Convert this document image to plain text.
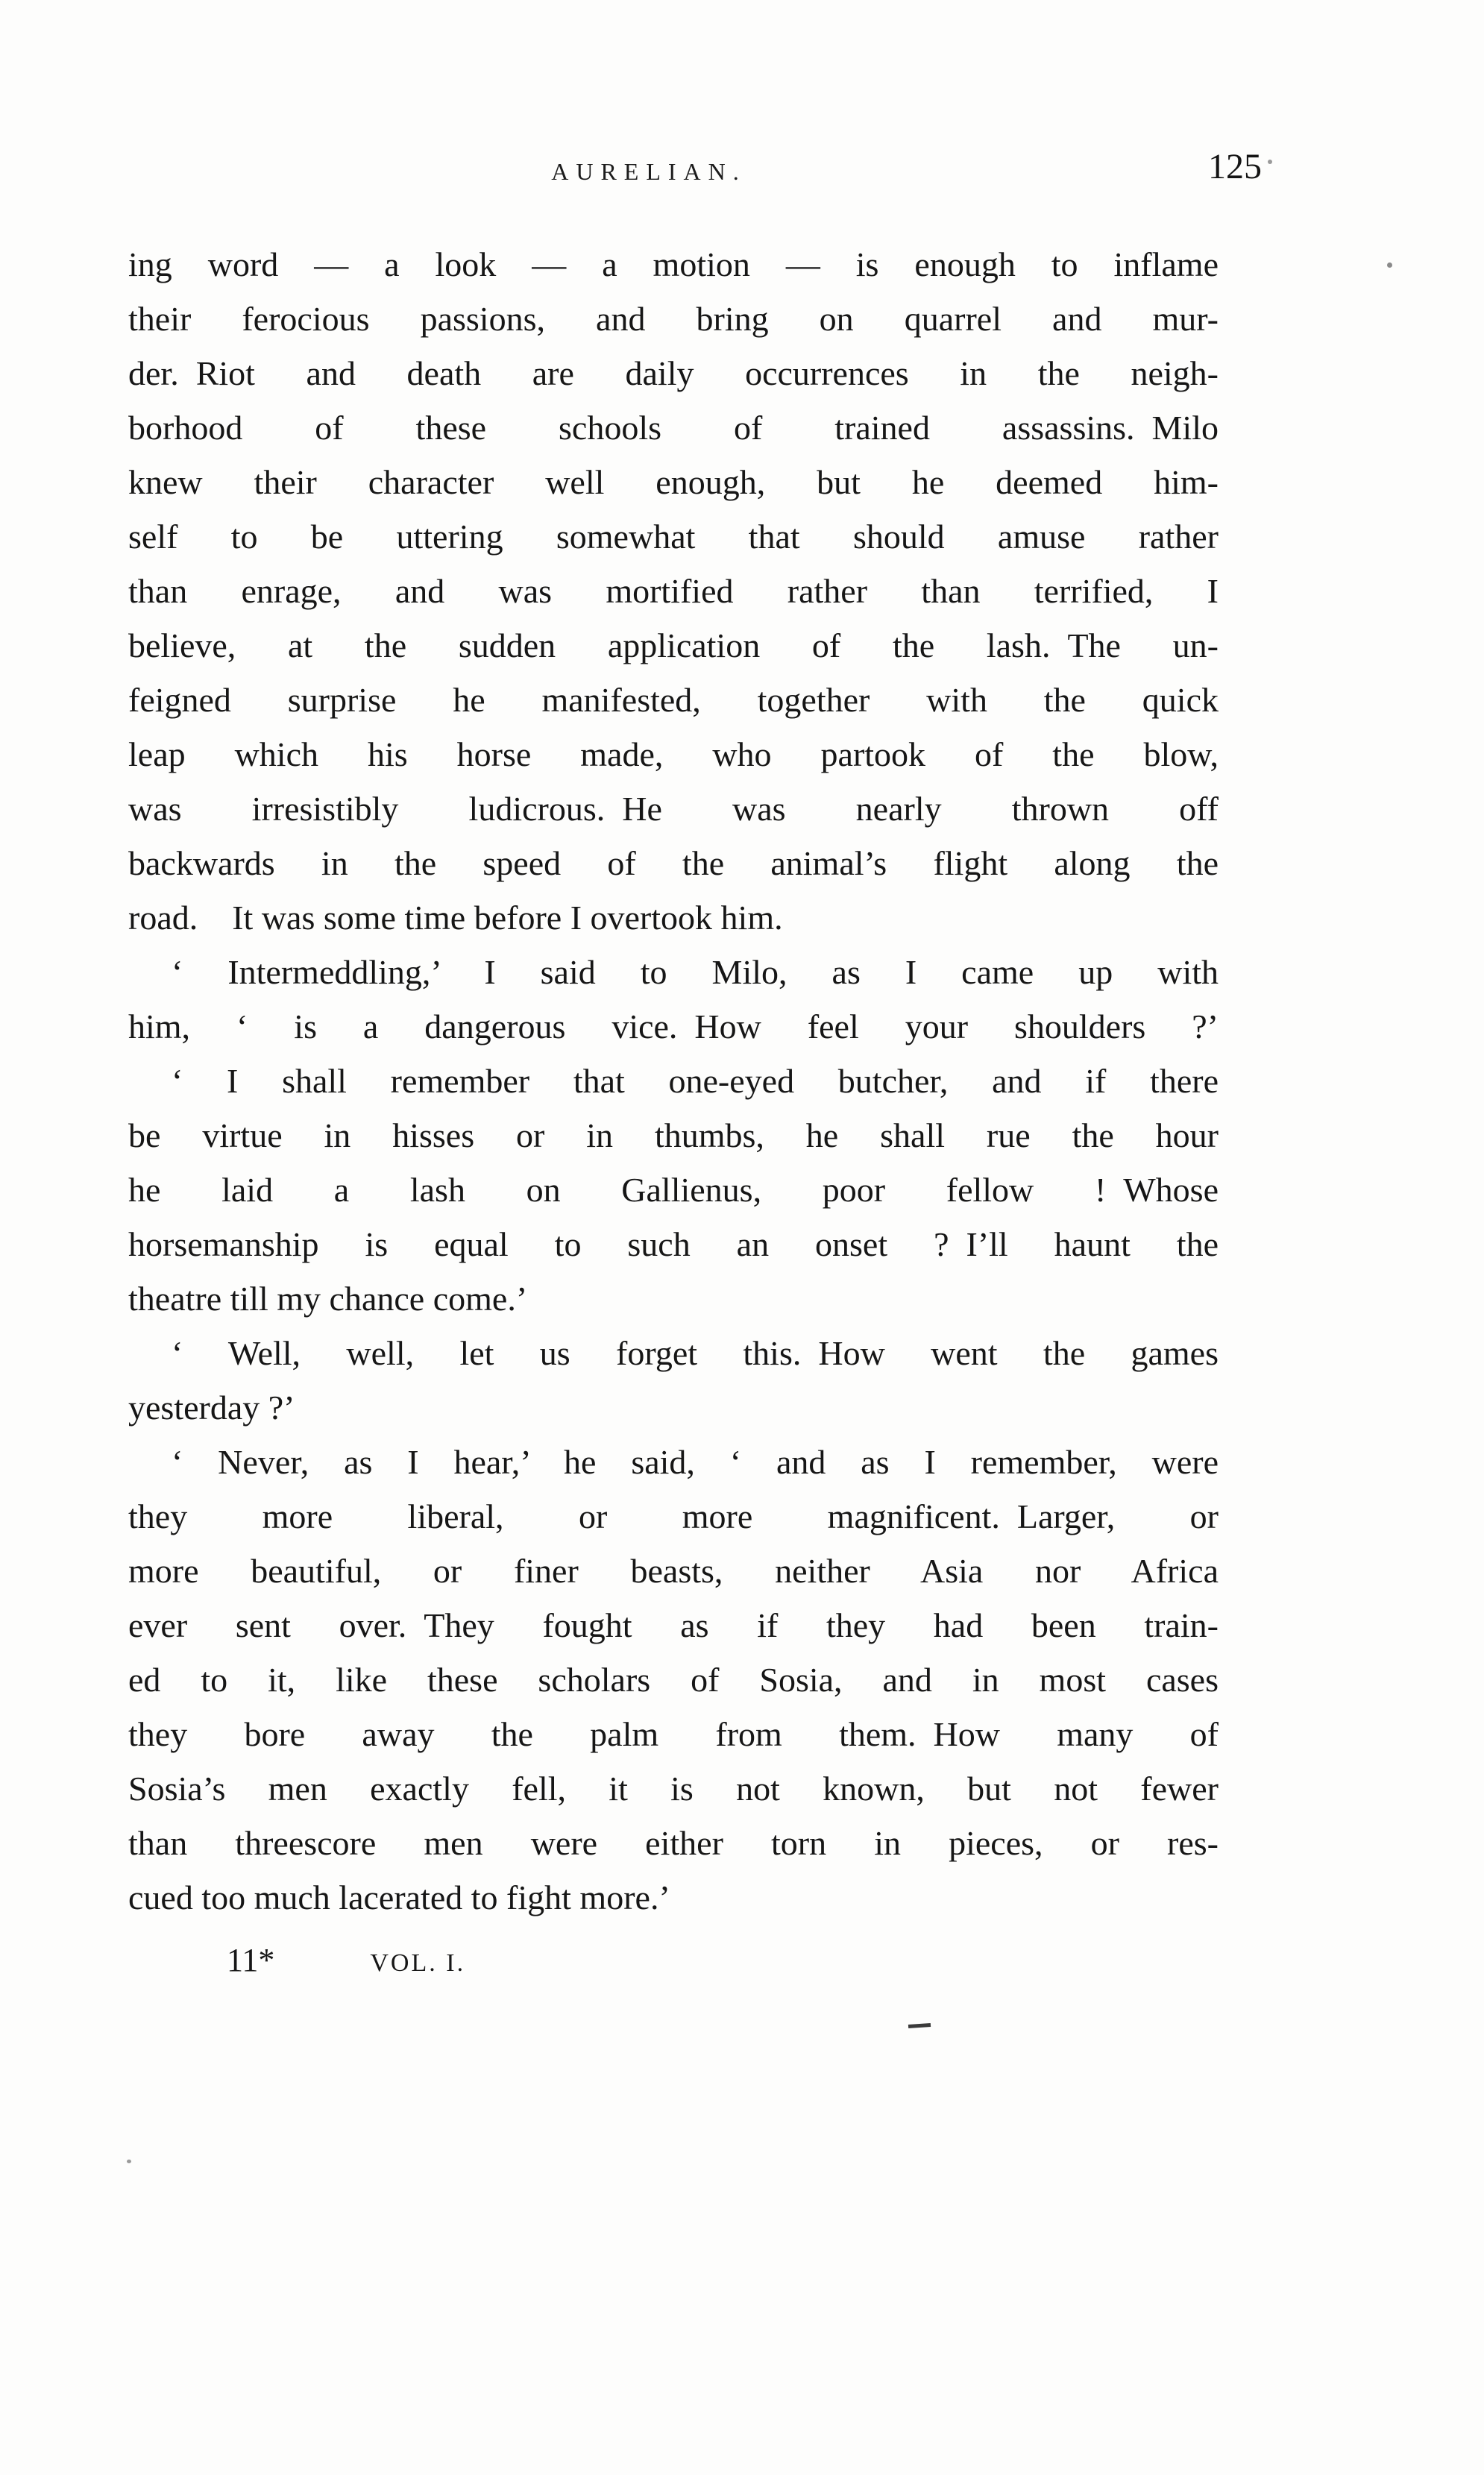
AURELIAN.	125
ing word — a look — a motion — is enough to inflame
their ferocious passions, and bring on quarrel and mur-
der. Riot and death are daily occurrences in the neigh-
borhood of these schools of trained assassins. Milo
knew their character well enough, but he deemed him-
self to be uttering somewhat that should amuse rather
than enrage, and was mortified rather than terrified, I
believe, at the sudden application of the lash. The un-
feigned surprise he manifested, together with the quick
leap which his horse made, who partook of the blow,
was irresistibly ludicrous. He was nearly thrown off
backwards in the speed of the animal’s flight along the
road.  It was some time before I overtook him.
‘ Intermeddling,’ I said to Milo, as I came up with
him, ‘ is a dangerous vice. How feel your shoulders ?’
‘ I shall remember that one-eyed butcher, and if there
be virtue in hisses or in thumbs, he shall rue the hour
he laid a lash on Gallienus, poor fellow ! Whose
horsemanship is equal to such an onset ? I’ll haunt the
theatre till my chance come.’
‘ Well, well, let us forget this. How went the games
yesterday ?’
‘ Never, as I hear,’ he said, ‘ and as I remember, were
they more liberal, or more magnificent. Larger, or
more beautiful, or finer beasts, neither Asia nor Africa
ever sent over. They fought as if they had been train-
ed to it, like these scholars of Sosia, and in most cases
they bore away the palm from them. How many of
Sosia’s men exactly fell, it is not known, but not fewer
than threescore men were either torn in pieces, or res-
cued too much lacerated to fight more.’
11*	VOL. I.
